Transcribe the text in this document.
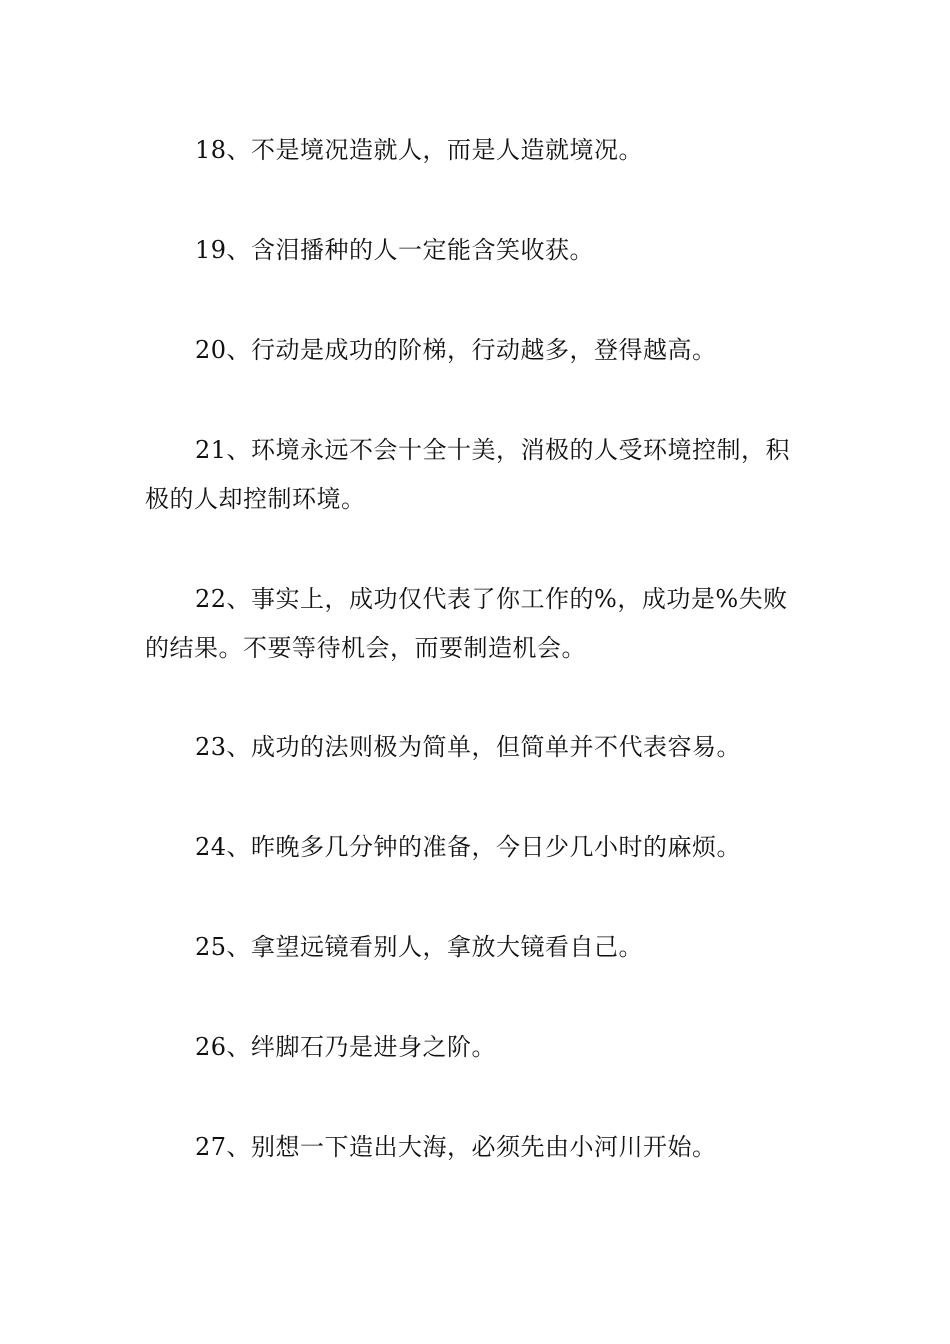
18、不是境况造就人，而是人造就境况。

19、含泪播种的人一定能含笑收获。

20、行动是成功的阶梯，行动越多，登得越高。

21、环境永远不会十全十美，消极的人受环境控制，积极的人却控制环境。

22、事实上，成功仅代表了你工作的%，成功是%失败的结果。不要等待机会，而要制造机会。

23、成功的法则极为简单，但简单并不代表容易。

24、昨晚多几分钟的准备，今日少几小时的麻烦。

25、拿望远镜看别人，拿放大镜看自己。

26、绊脚石乃是进身之阶。

27、别想一下造出大海，必须先由小河川开始。
